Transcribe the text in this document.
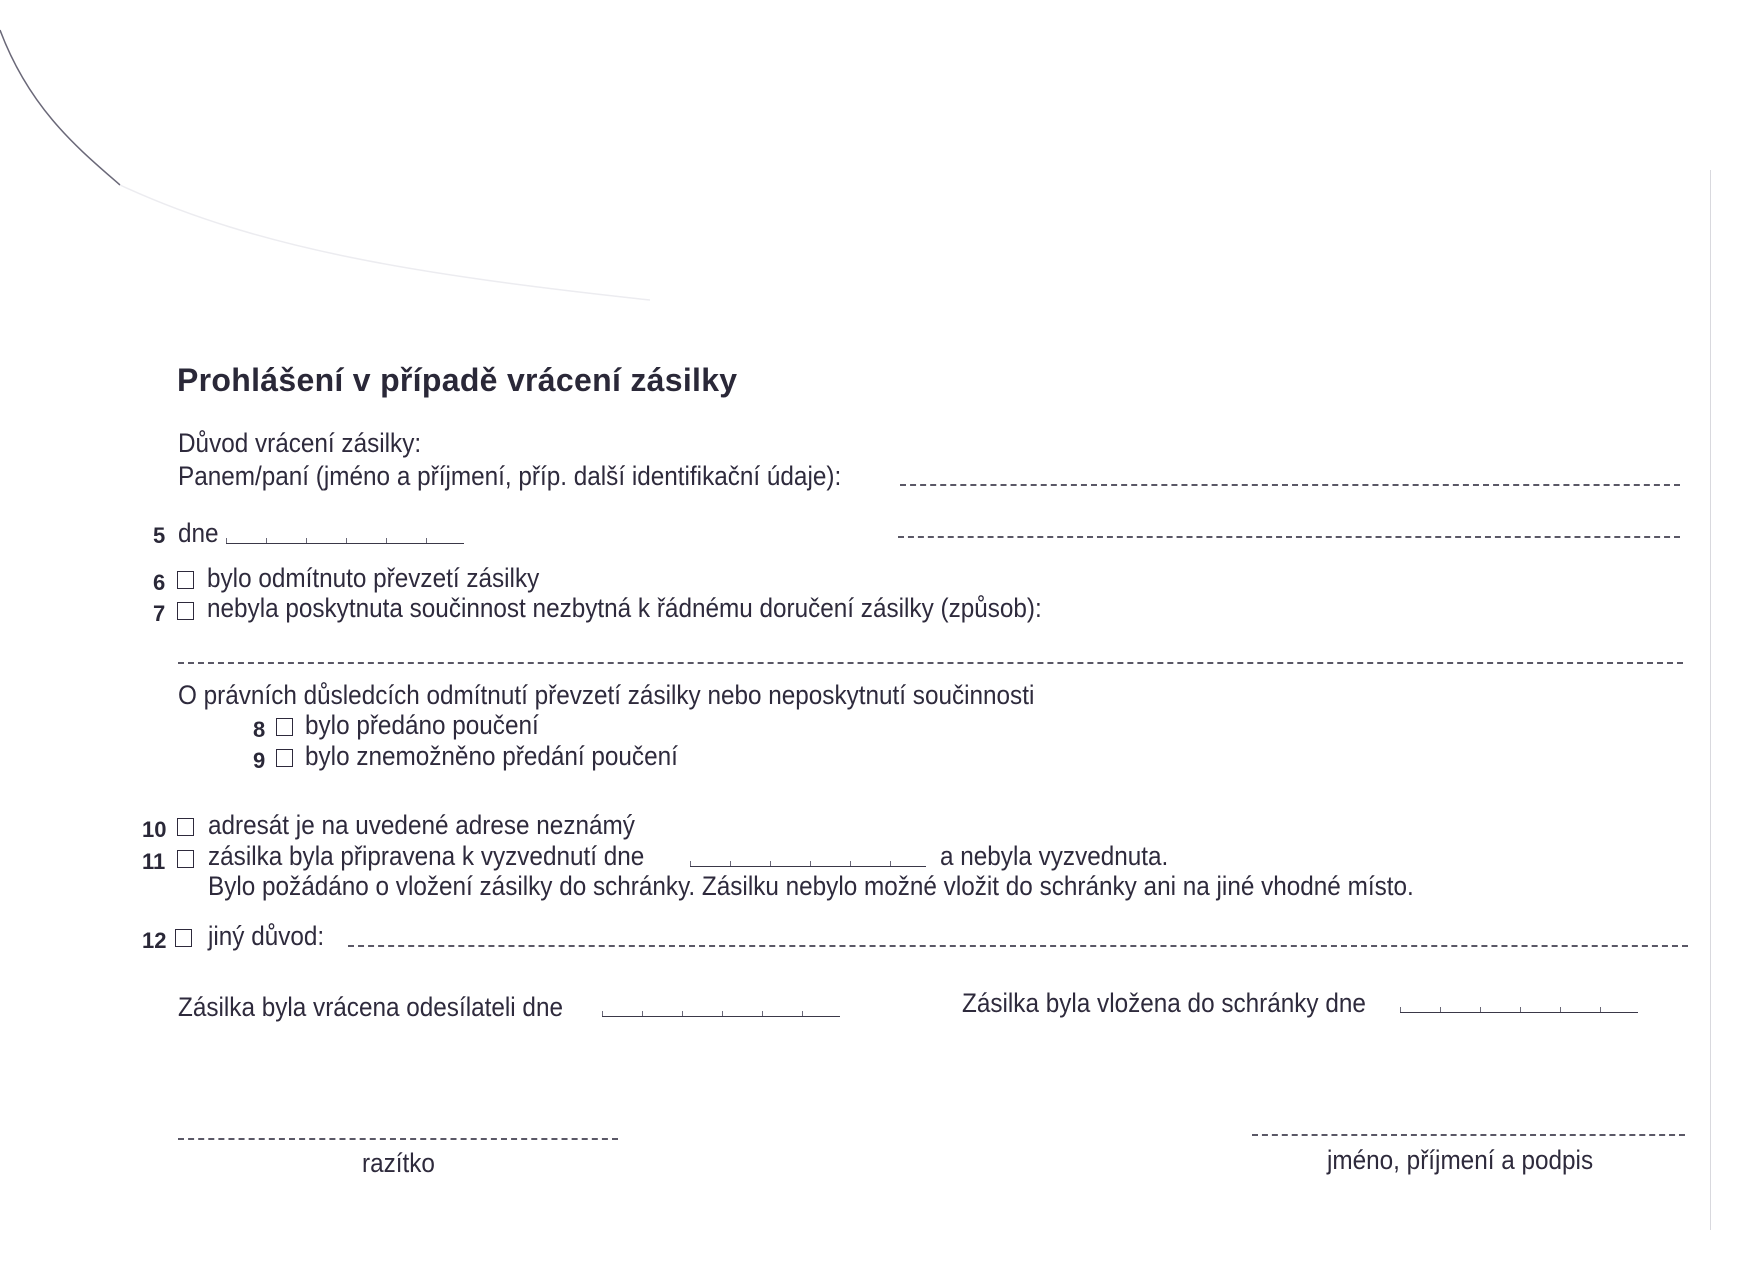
Prohlášení v případě vrácení zásilky
Důvod vrácení zásilky:
Panem/paní (jméno a příjmení, příp. další identifikační údaje):
5 dne
6 bylo odmítnuto převzetí zásilky
7 nebyla poskytnuta součinnost nezbytná k řádnému doručení zásilky (způsob):
O právních důsledcích odmítnutí převzetí zásilky nebo neposkytnutí součinnosti
8 bylo předáno poučení
9 bylo znemožněno předání poučení
10 adresát je na uvedené adrese neznámý
11 zásilka byla připravena k vyzvednutí dne	a nebyla vyzvednuta.
Bylo požádáno o vložení zásilky do schránky. Zásilku nebylo možné vložit do schránky ani na jiné vhodné místo.
12 jiný důvod:
Zásilka byla vrácena odesílateli dne	Zásilka byla vložena do schránky dne
razítko	jméno, příjmení a podpis
